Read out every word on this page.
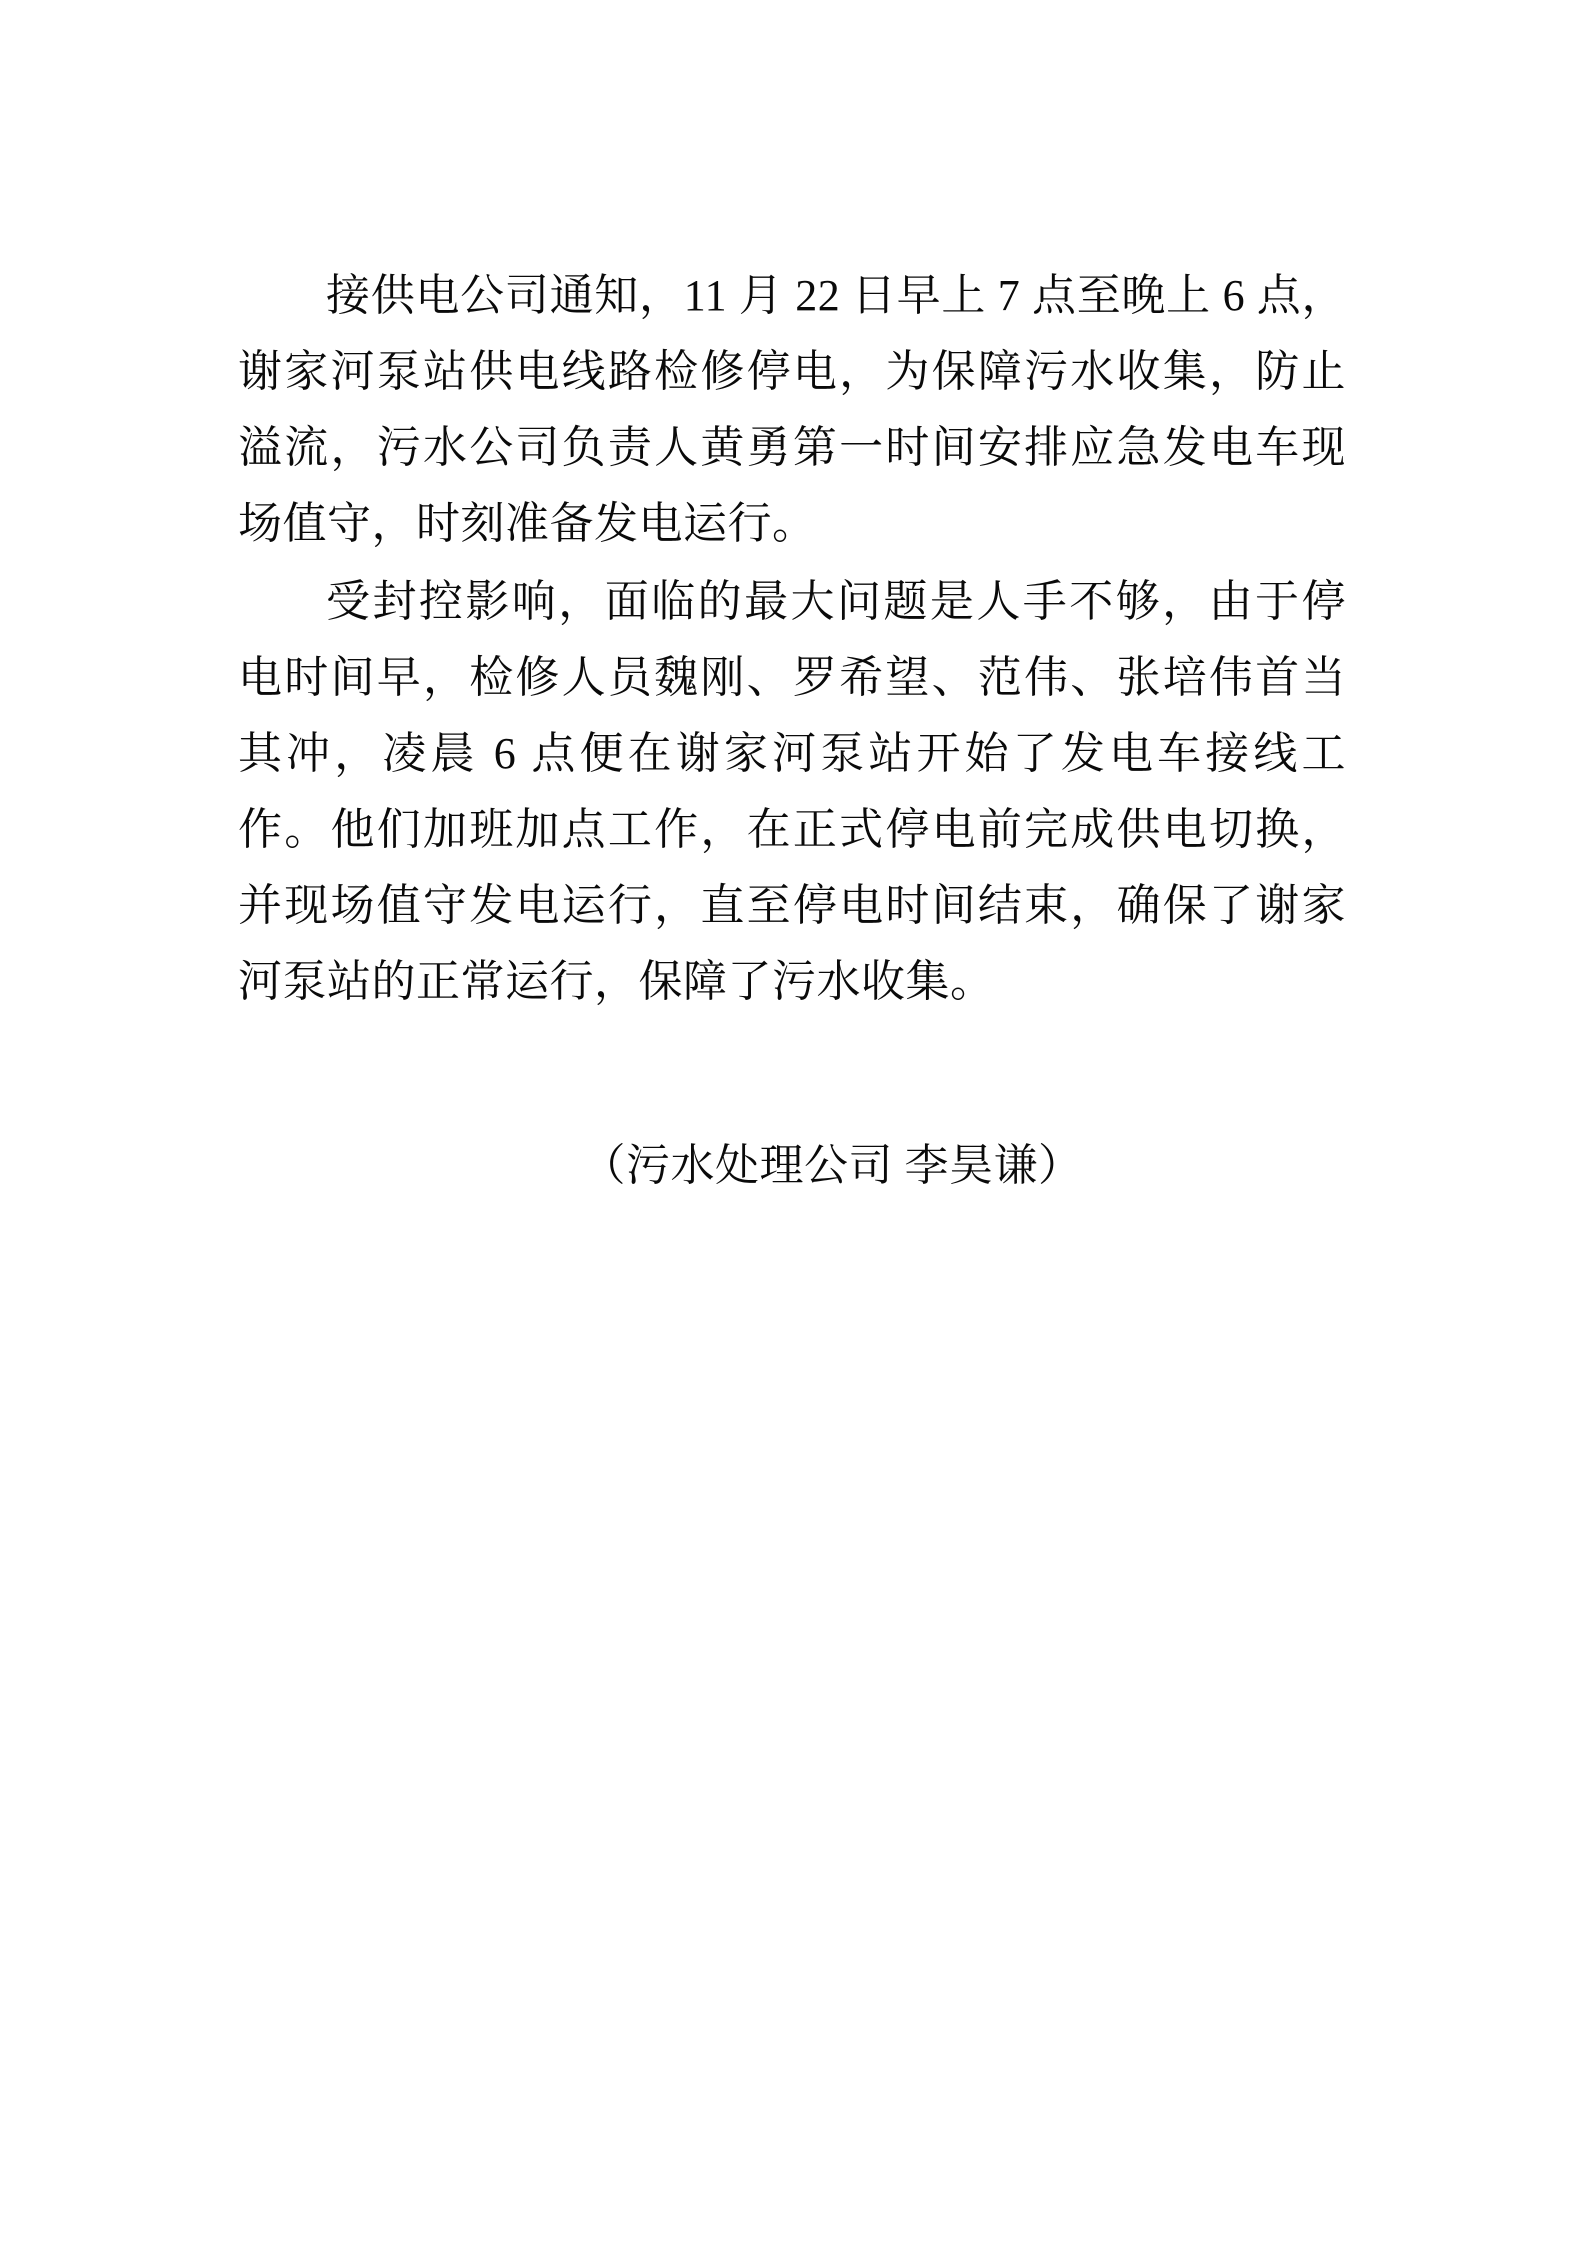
接供电公司通知，11 月 22 日早上 7 点至晚上 6 点，谢家河泵站供电线路检修停电，为保障污水收集，防止溢流，污水公司负责人黄勇第一时间安排应急发电车现场值守，时刻准备发电运行。

受封控影响，面临的最大问题是人手不够，由于停电时间早，检修人员魏刚、罗希望、范伟、张培伟首当其冲，凌晨 6 点便在谢家河泵站开始了发电车接线工作。他们加班加点工作，在正式停电前完成供电切换，并现场值守发电运行，直至停电时间结束，确保了谢家河泵站的正常运行，保障了污水收集。

（污水处理公司 李昊谦）
